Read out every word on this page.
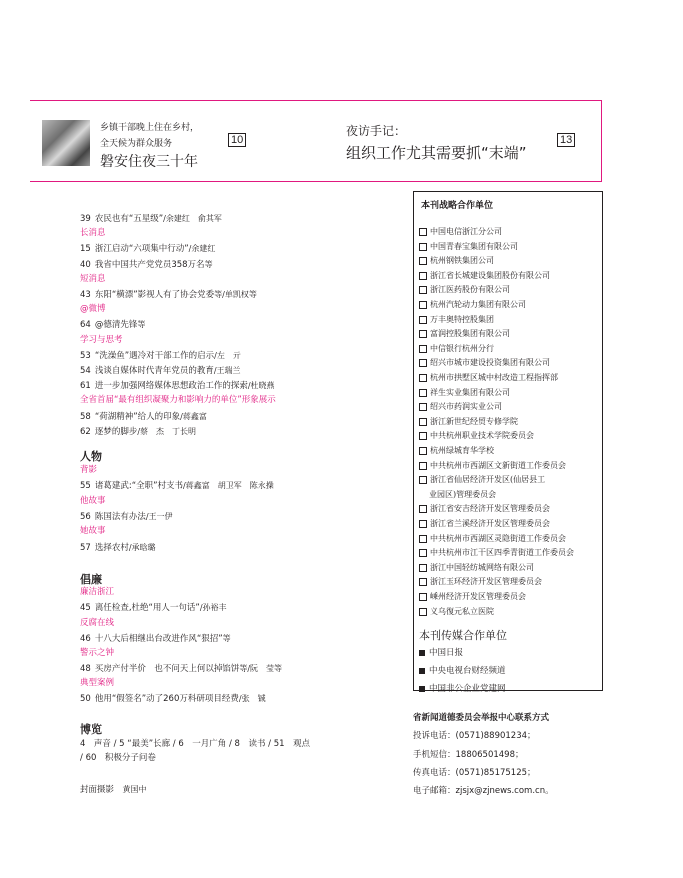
乡镇干部晚上住在乡村，
全天候为群众服务
磐安住夜三十年
10
夜访手记：
组织工作尤其需要抓“末端”
13
人物
背影
55 诸葛建武:“全职”村支书/蒋鑫富　胡卫军　陈永操
他故事
56 陈国法有办法/王一伊
她故事
57 选择农村/承晗璐
倡廉
廉洁浙江
45 离任检查,杜绝“用人一句话”/孙裕丰
反腐在线
46 十八大后相继出台改进作风“狠招”等
警示之钟
48 买房产付半价　也不问天上何以掉馅饼等/阮　莹等
典型案例
50 他用“假签名”动了260万科研项目经费/张　铖
博览
4　声音 / 5 “最美”长廊 / 6　一月广角 / 8　读书 / 51　观点
/ 60　积极分子问卷
封面摄影　 黄国中
本刊战略合作单位
本刊传媒合作单位
省新闻道德委员会举报中心联系方式
投诉电话：(0571)88901234；
手机短信：18806501498；
传真电话：(0571)85175125；
电子邮箱：zjsjx@zjnews.com.cn。
39 农民也有“五星级”/余建红　俞其军
长消息
15 浙江启动“六项集中行动”/余建红
40 我省中国共产党党员358万名等
短消息
43 东阳“横漂”影视人有了协会党委等/单凯权等
@微博
64 @德清先锋等
学习与思考
53 “洗澡鱼”遇冷对干部工作的启示/左　亓
54 浅谈自媒体时代青年党员的教育/王瑞兰
61 进一步加强网络媒体思想政治工作的探索/杜晓燕
全省首届“最有组织凝聚力和影响力的单位”形象展示
58 “荷湖精神”给人的印象/蒋鑫富
62 逐梦的脚步/蔡　杰　丁长明
中国电信浙江分公司
中国青春宝集团有限公司
杭州钢铁集团公司
浙江省长城建设集团股份有限公司
浙江医药股份有限公司
杭州汽轮动力集团有限公司
万丰奥特控股集团
富润控股集团有限公司
中信银行杭州分行
绍兴市城市建设投资集团有限公司
杭州市拱墅区城中村改造工程指挥部
祥生实业集团有限公司
绍兴市药润实业公司
浙江新世纪经贸专修学院
中共杭州职业技术学院委员会
杭州绿城育华学校
中共杭州市西湖区文新街道工作委员会
浙江省仙居经济开发区(仙居县工
业园区)管理委员会
浙江省安吉经济开发区管理委员会
浙江省兰溪经济开发区管理委员会
中共杭州市西湖区灵隐街道工作委员会
中共杭州市江干区四季青街道工作委员会
浙江中国轻纺城网络有限公司
浙江玉环经济开发区管理委员会
嵊州经济开发区管理委员会
义乌復元私立医院
中国日报
中央电视台财经频道
中国非公企业党建网
